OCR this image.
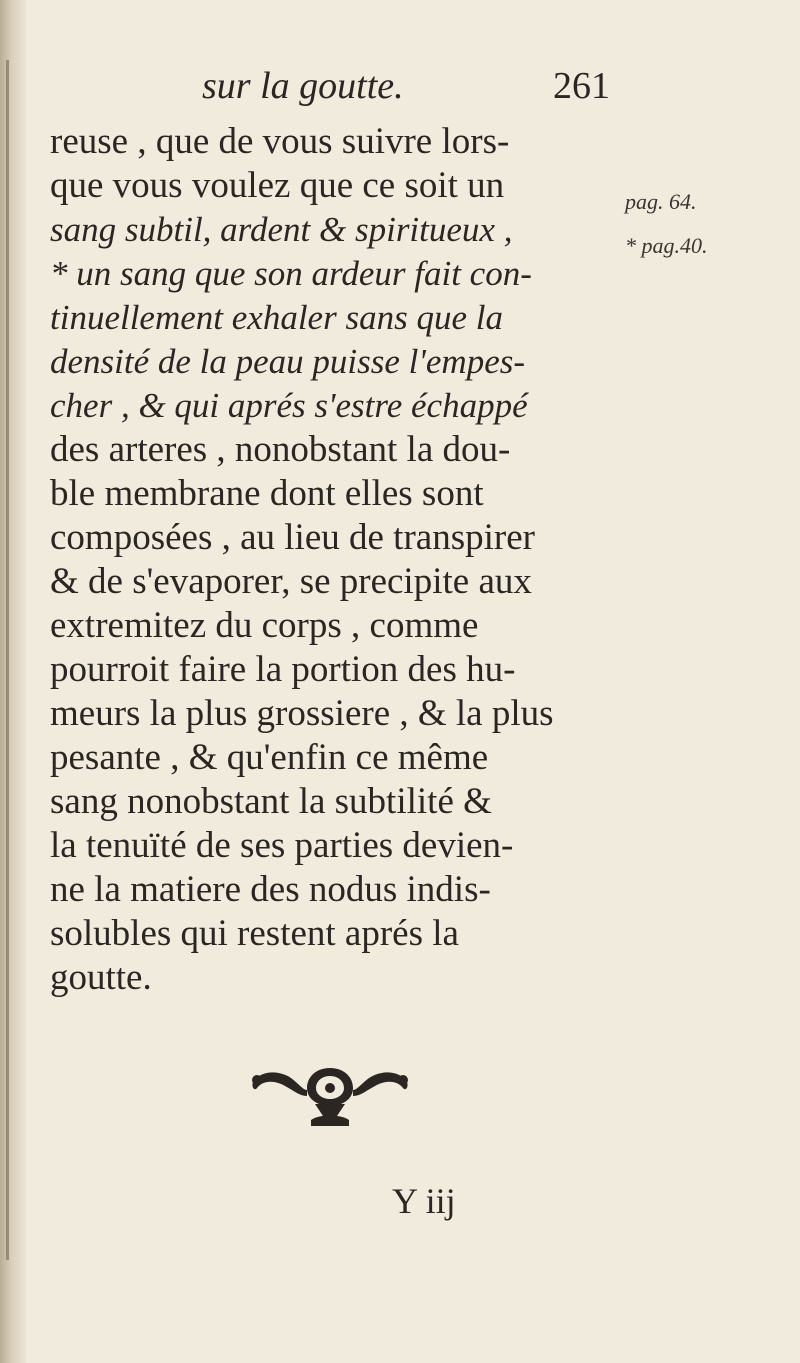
sur la goutte.	261
reuse , que de vous suivre lors-
que vous voulez que ce soit un
sang subtil, ardent & spiritueux ,
* un sang que son ardeur fait con-
tinuellement exhaler sans que la
densité de la peau puisse l'empes-
cher , & qui aprés s'estre échappé
des arteres , nonobstant la dou-
ble membrane dont elles sont
composées , au lieu de transpirer
& de s'evaporer, se precipite aux
extremitez du corps , comme
pourroit faire la portion des hu-
meurs la plus grossiere , & la plus
pesante , & qu'enfin ce même
sang nonobstant la subtilité &
la tenuïté de ses parties devien-
ne la matiere des nodus indis-
solubles qui restent aprés la
goutte.
pag. 64.
* pag.40.
Y iij
